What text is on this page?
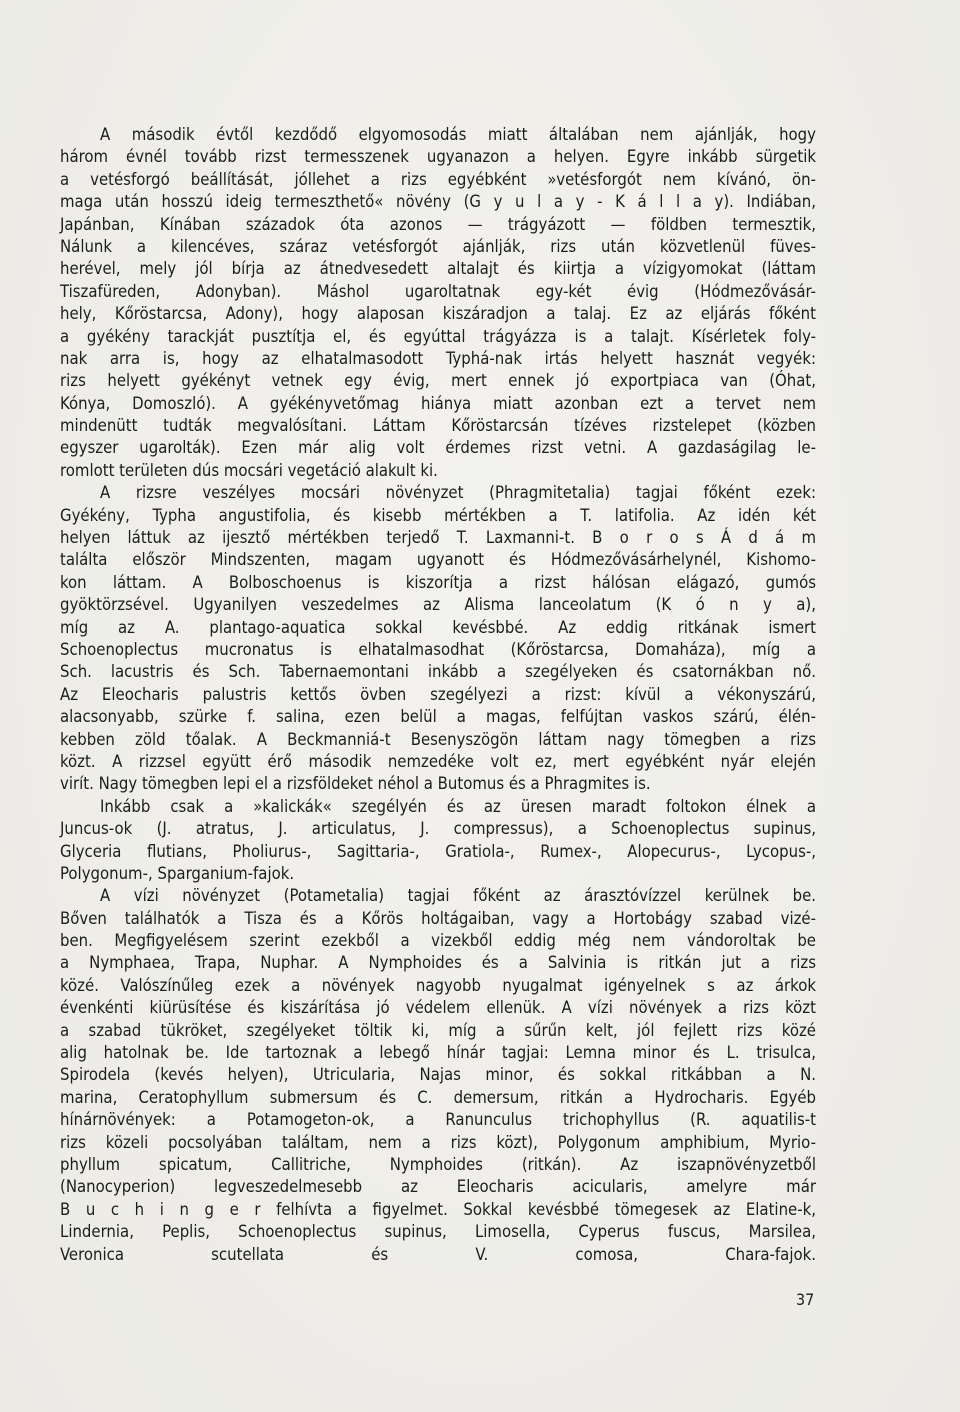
A második évtől kezdődő elgyomosodás miatt általában nem ajánlják, hogy
három évnél tovább rizst termesszenek ugyanazon a helyen. Egyre inkább sürgetik
a vetésforgó beállítását, jóllehet a rizs egyébként »vetésforgót nem kívánó, ön-
maga után hosszú ideig termeszthető« növény (G y u l a y - K á l l a y). Indiában,
Japánban, Kínában századok óta azonos — trágyázott — földben termesztik,
Nálunk a kilencéves, száraz vetésforgót ajánlják, rizs után közvetlenül füves-
herével, mely jól bírja az átnedvesedett altalajt és kiirtja a vízigyomokat (láttam
Tiszafüreden, Adonyban). Máshol ugaroltatnak egy-két évig (Hódmezővásár-
hely, Kőröstarcsa, Adony), hogy alaposan kiszáradjon a talaj. Ez az eljárás főként
a gyékény tarackját pusztítja el, és egyúttal trágyázza is a talajt. Kísérletek foly-
nak arra is, hogy az elhatalmasodott Typhá-nak irtás helyett hasznát vegyék:
rizs helyett gyékényt vetnek egy évig, mert ennek jó exportpiaca van (Óhat,
Kónya, Domoszló). A gyékényvetőmag hiánya miatt azonban ezt a tervet nem
mindenütt tudták megvalósítani. Láttam Kőröstarcsán tízéves rizstelepet (közben
egyszer ugarolták). Ezen már alig volt érdemes rizst vetni. A gazdaságilag le-
romlott területen dús mocsári vegetáció alakult ki.
A rizsre veszélyes mocsári növényzet (Phragmitetalia) tagjai főként ezek:
Gyékény, Typha angustifolia, és kisebb mértékben a T. latifolia. Az idén két
helyen láttuk az ijesztő mértékben terjedő T. Laxmanni-t. B o r o s Á d á m
találta először Mindszenten, magam ugyanott és Hódmezővásárhelynél, Kishomo-
kon láttam. A Bolboschoenus is kiszorítja a rizst hálósan elágazó, gumós
gyöktörzsével. Ugyanilyen veszedelmes az Alisma lanceolatum (K ó n y a),
míg az A. plantago-aquatica sokkal kevésbbé. Az eddig ritkának ismert
Schoenoplectus mucronatus is elhatalmasodhat (Kőröstarcsa, Domaháza), míg a
Sch. lacustris és Sch. Tabernaemontani inkább a szegélyeken és csatornákban nő.
Az Eleocharis palustris kettős övben szegélyezi a rizst: kívül a vékonyszárú,
alacsonyabb, szürke f. salina, ezen belül a magas, felfújtan vaskos szárú, élén-
kebben zöld tőalak. A Beckmanniá-t Besenyszögön láttam nagy tömegben a rizs
közt. A rizzsel együtt érő második nemzedéke volt ez, mert egyébként nyár elején
virít. Nagy tömegben lepi el a rizsföldeket néhol a Butomus és a Phragmites is.
Inkább csak a »kalickák« szegélyén és az üresen maradt foltokon élnek a
Juncus-ok (J. atratus, J. articulatus, J. compressus), a Schoenoplectus supinus,
Glyceria flutians, Pholiurus-, Sagittaria-, Gratiola-, Rumex-, Alopecurus-, Lycopus-,
Polygonum-, Sparganium-fajok.
A vízi növényzet (Potametalia) tagjai főként az árasztóvízzel kerülnek be.
Bőven találhatók a Tisza és a Kőrös holtágaiban, vagy a Hortobágy szabad vizé-
ben. Megfigyelésem szerint ezekből a vizekből eddig még nem vándoroltak be
a Nymphaea, Trapa, Nuphar. A Nymphoides és a Salvinia is ritkán jut a rizs
közé. Valószínűleg ezek a növények nagyobb nyugalmat igényelnek s az árkok
évenkénti kiürüsítése és kiszárítása jó védelem ellenük. A vízi növények a rizs közt
a szabad tükröket, szegélyeket töltik ki, míg a sűrűn kelt, jól fejlett rizs közé
alig hatolnak be. Ide tartoznak a lebegő hínár tagjai: Lemna minor és L. trisulca,
Spirodela (kevés helyen), Utricularia, Najas minor, és sokkal ritkábban a N.
marina, Ceratophyllum submersum és C. demersum, ritkán a Hydrocharis. Egyéb
hínárnövények: a Potamogeton-ok, a Ranunculus trichophyllus (R. aquatilis-t
rizs közeli pocsolyában találtam, nem a rizs közt), Polygonum amphibium, Myrio-
phyllum spicatum, Callitriche, Nymphoides (ritkán). Az iszapnövényzetből
(Nanocyperion) legveszedelmesebb az Eleocharis acicularis, amelyre már
B u c h i n g e r felhívta a figyelmet. Sokkal kevésbbé tömegesek az Elatine-k,
Lindernia, Peplis, Schoenoplectus supinus, Limosella, Cyperus fuscus, Marsilea,
Veronica scutellata és V. comosa, Chara-fajok.
37
